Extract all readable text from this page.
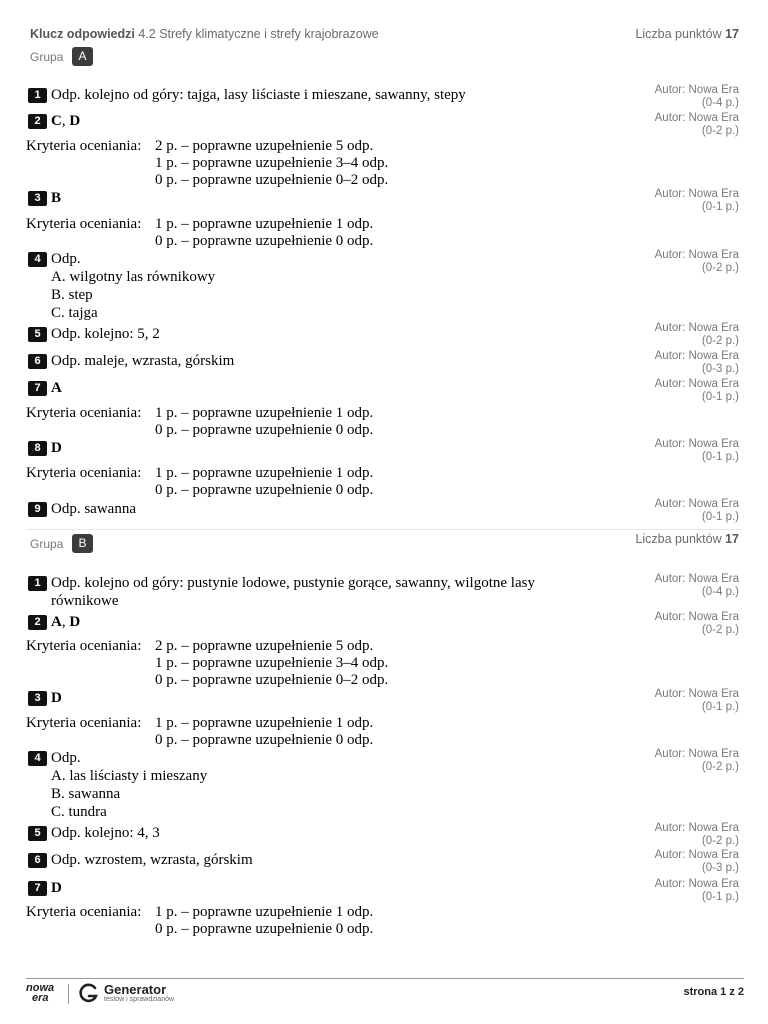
Klucz odpowiedzi 4.2 Strefy klimatyczne i strefy krajobrazowe	Liczba punktów 17
Grupa	A
1 Odp. kolejno od góry: tajga, lasy liściaste i mieszane, sawanny, stepy	Autor: Nowa Era
(0-4 p.)
2 C, D	Autor: Nowa Era
(0-2 p.)
Kryteria oceniania: 2 p. – poprawne uzupełnienie 5 odp.
1 p. – poprawne uzupełnienie 3–4 odp.
0 p. – poprawne uzupełnienie 0–2 odp.
3 B	Autor: Nowa Era
(0-1 p.)
Kryteria oceniania: 1 p. – poprawne uzupełnienie 1 odp.
0 p. – poprawne uzupełnienie 0 odp.
4 Odp.
A. wilgotny las równikowy
B. step
C. tajga
Autor: Nowa Era
(0-2 p.)
5 Odp. kolejno: 5, 2	Autor: Nowa Era
(0-2 p.)
6 Odp. maleje, wzrasta, górskim	Autor: Nowa Era
(0-3 p.)
7 A	Autor: Nowa Era
(0-1 p.)
Kryteria oceniania: 1 p. – poprawne uzupełnienie 1 odp.
0 p. – poprawne uzupełnienie 0 odp.
8 D	Autor: Nowa Era
(0-1 p.)
Kryteria oceniania: 1 p. – poprawne uzupełnienie 1 odp.
0 p. – poprawne uzupełnienie 0 odp.
9 Odp. sawanna	Autor: Nowa Era
(0-1 p.)
Grupa	B	Liczba punktów 17
1 Odp. kolejno od góry: pustynie lodowe, pustynie gorące, sawanny, wilgotne lasy
równikowe
Autor: Nowa Era
(0-4 p.)
2 A, D	Autor: Nowa Era
(0-2 p.)
Kryteria oceniania: 2 p. – poprawne uzupełnienie 5 odp.
1 p. – poprawne uzupełnienie 3–4 odp.
0 p. – poprawne uzupełnienie 0–2 odp.
3 D	Autor: Nowa Era
(0-1 p.)
Kryteria oceniania: 1 p. – poprawne uzupełnienie 1 odp.
0 p. – poprawne uzupełnienie 0 odp.
4 Odp.
A. las liściasty i mieszany
B. sawanna
C. tundra
Autor: Nowa Era
(0-2 p.)
5 Odp. kolejno: 4, 3	Autor: Nowa Era
(0-2 p.)
6 Odp. wzrostem, wzrasta, górskim	Autor: Nowa Era
(0-3 p.)
7 D	Autor: Nowa Era
(0-1 p.)
Kryteria oceniania: 1 p. – poprawne uzupełnienie 1 odp.
0 p. – poprawne uzupełnienie 0 odp.
nowa
era
Generator
testów i sprawdzianów
strona 1 z 2
